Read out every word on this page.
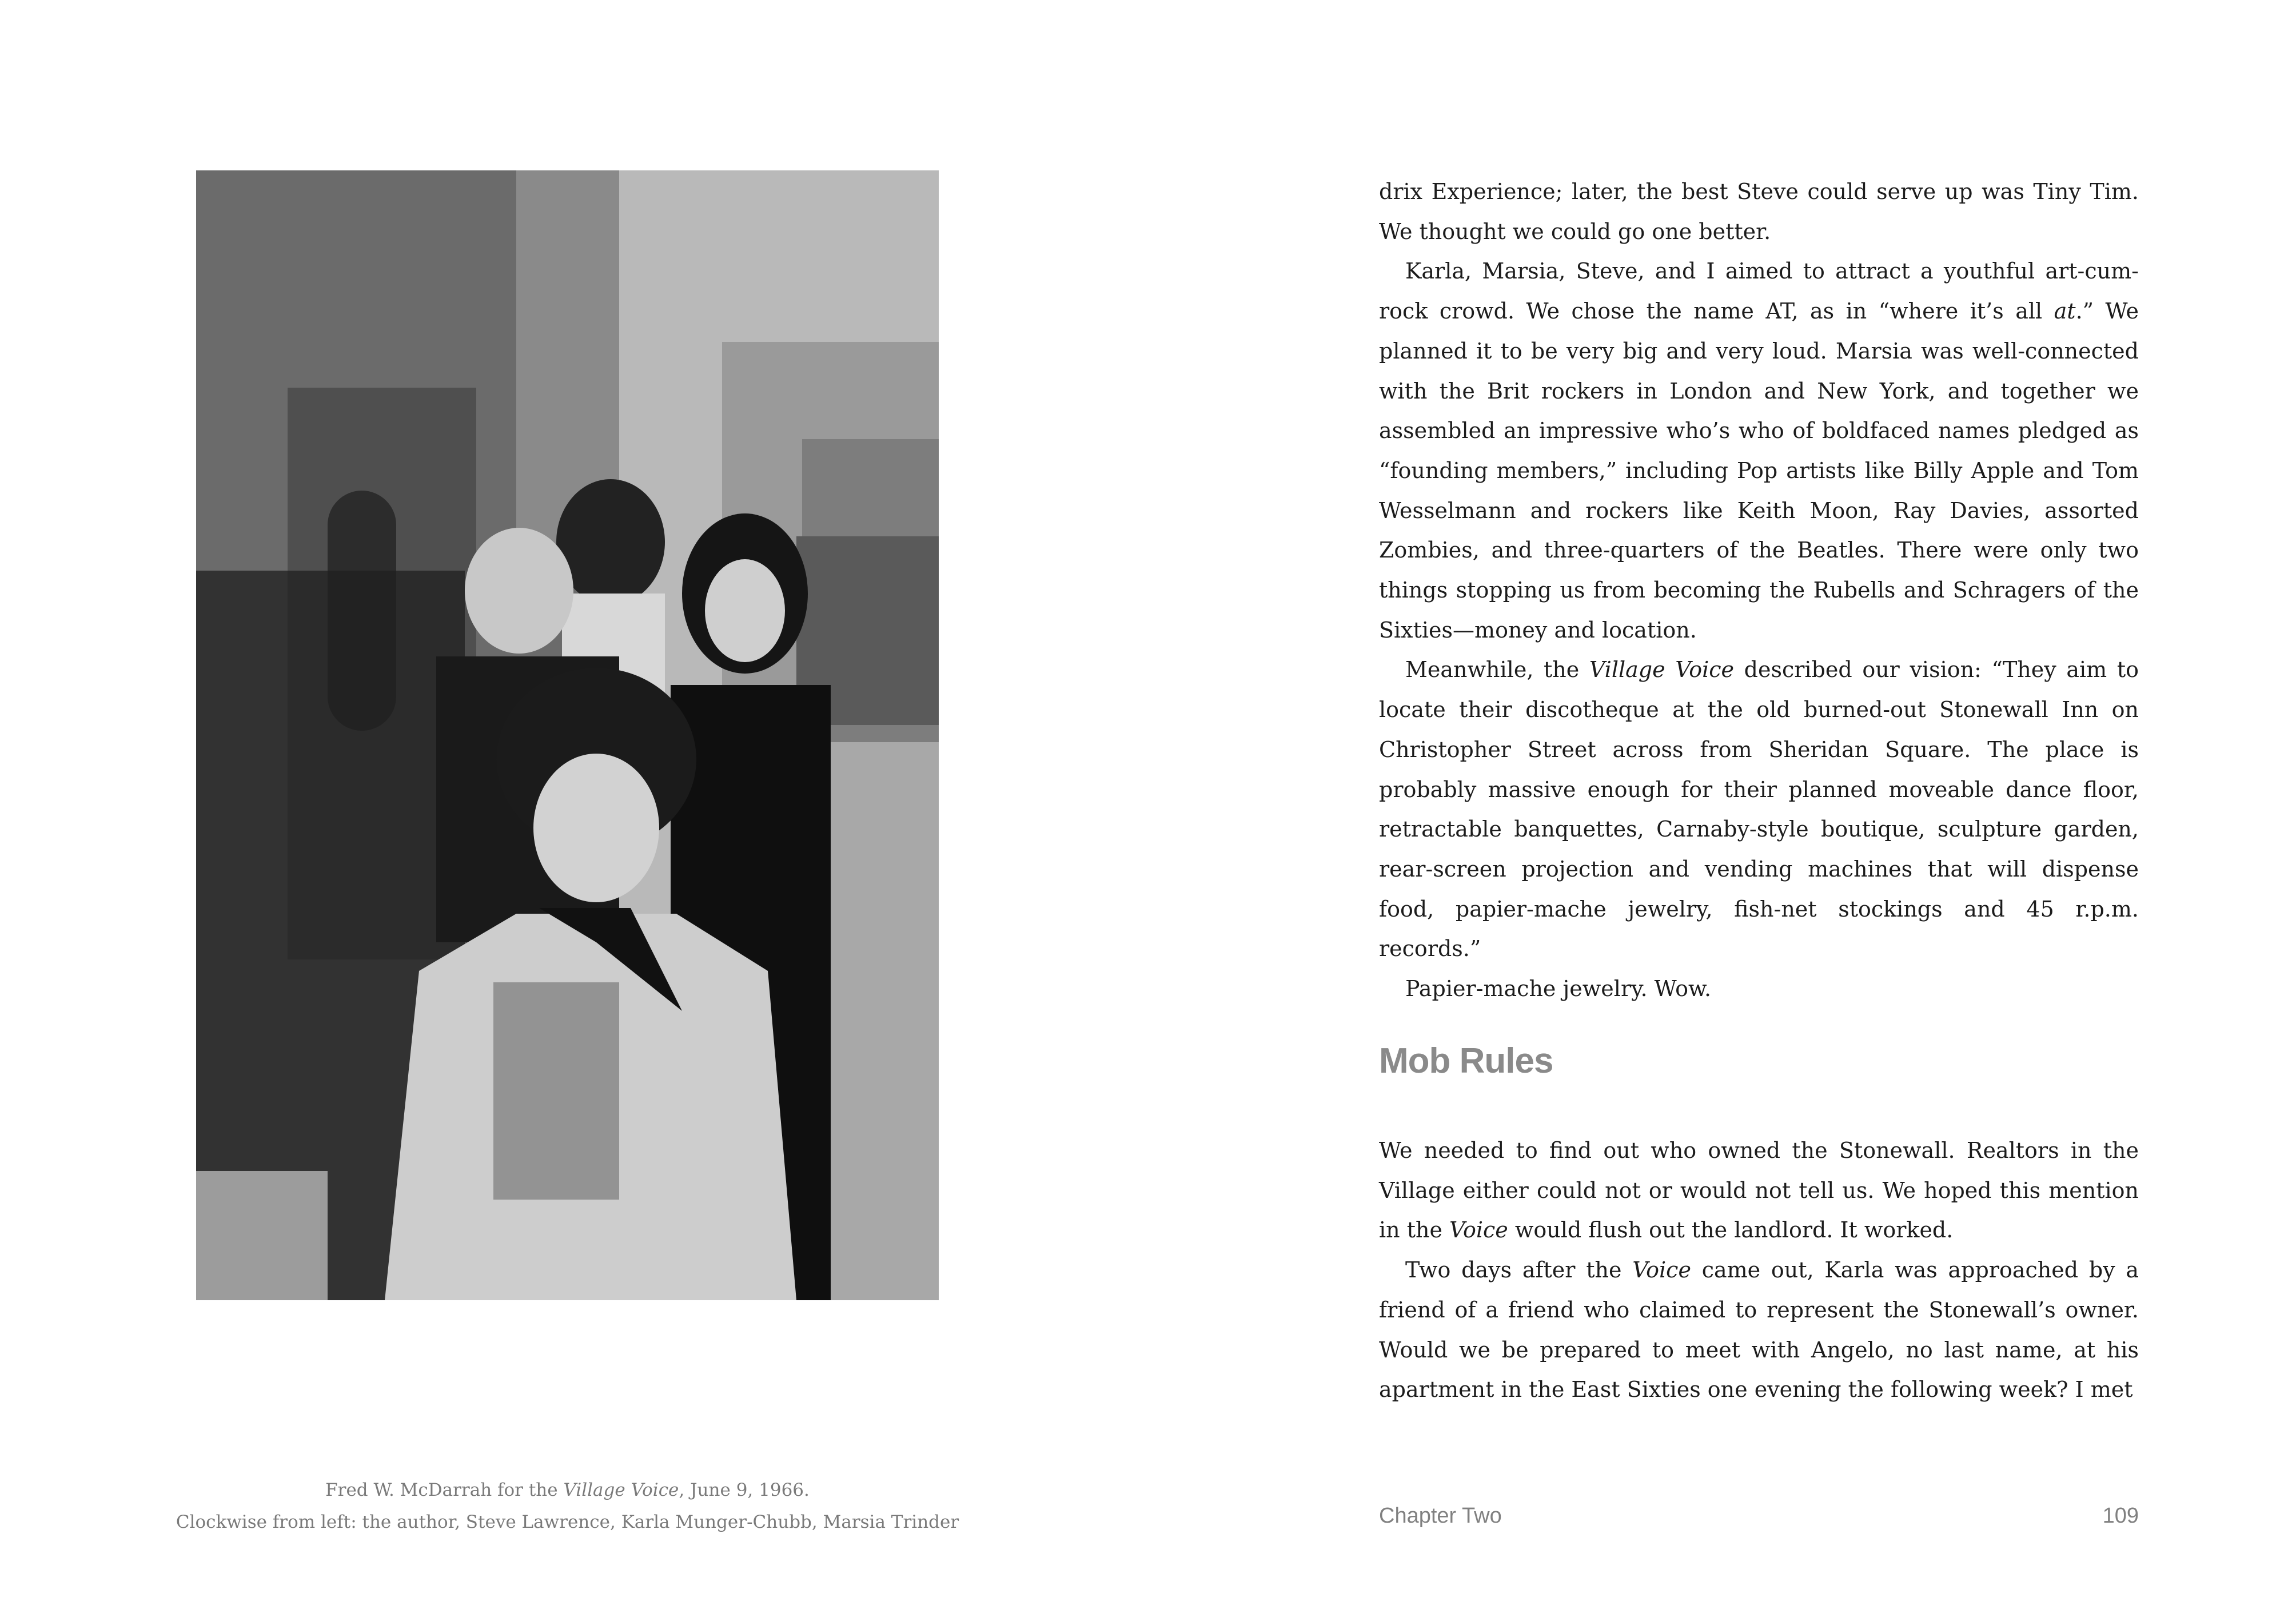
Fred W. McDarrah for the Village Voice, June 9, 1966.
Clockwise from left: the author, Steve Lawrence, Karla Munger-Chubb, Marsia Trinder

drix Experience; later, the best Steve could serve up was Tiny Tim. We thought we could go one better.

Karla, Marsia, Steve, and I aimed to attract a youthful art-cum-rock crowd. We chose the name AT, as in “where it’s all at.” We planned it to be very big and very loud. Marsia was well-connected with the Brit rockers in London and New York, and together we assembled an impressive who’s who of boldfaced names pledged as “founding members,” including Pop artists like Billy Apple and Tom Wesselmann and rockers like Keith Moon, Ray Davies, assorted Zombies, and three-quarters of the Beatles. There were only two things stopping us from becoming the Rubells and Schragers of the Sixties—money and location.

Meanwhile, the Village Voice described our vision: “They aim to locate their discotheque at the old burned-out Stonewall Inn on Christopher Street across from Sheridan Square. The place is probably massive enough for their planned moveable dance floor, retractable banquettes, Carnaby-style boutique, sculpture garden, rear-screen projection and vending machines that will dispense food, papier-mache jewelry, fish-net stockings and 45 r.p.m. records.”

Papier-mache jewelry. Wow.

Mob Rules

We needed to find out who owned the Stonewall. Realtors in the Village either could not or would not tell us. We hoped this mention in the Voice would flush out the landlord. It worked.

Two days after the Voice came out, Karla was approached by a friend of a friend who claimed to represent the Stonewall’s owner. Would we be prepared to meet with Angelo, no last name, at his apartment in the East Sixties one evening the following week? I met

Chapter Two	109
